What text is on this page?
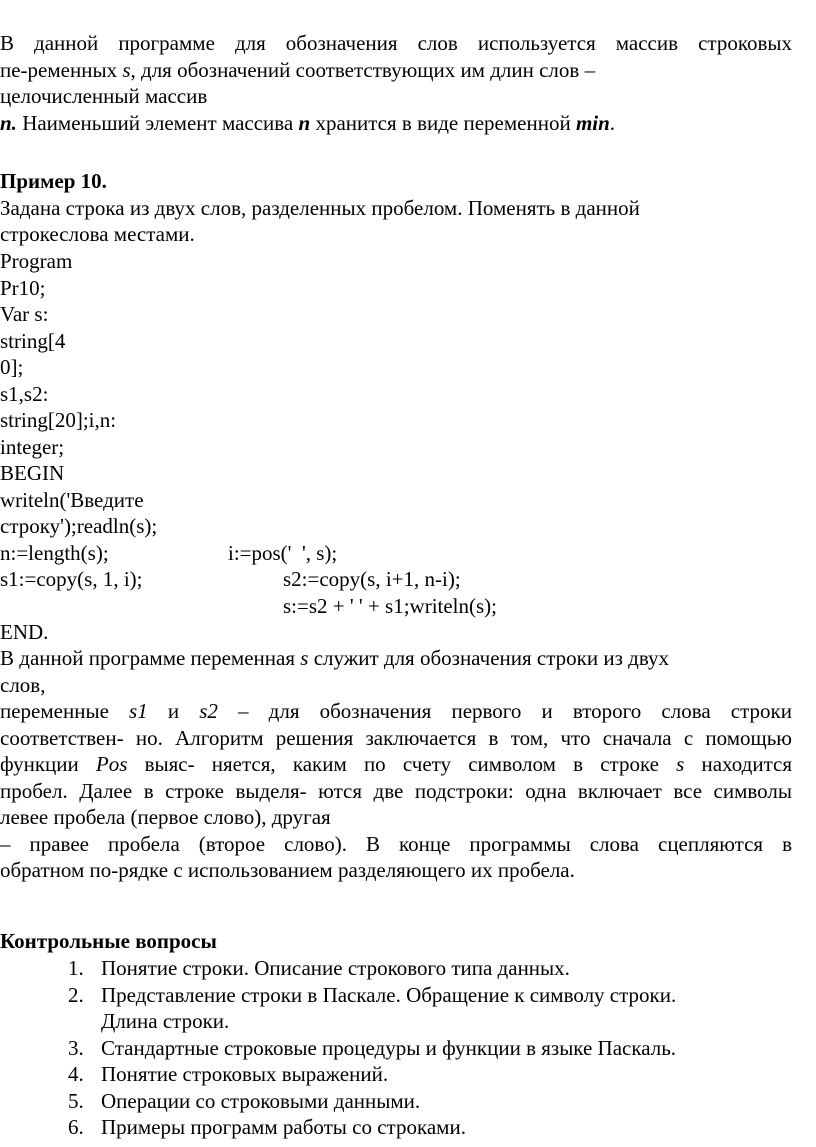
В данной программе для обозначения слов используется массив строковых
пе-ременных s, для обозначений соответствующих им длин слов –
целочисленный массив
n. Наименьший элемент массива n хранится в виде переменной min.
Пример 10.
Задана строка из двух слов, разделенных пробелом. Поменять в данной
строкеслова местами.
Program
Pr10;
Var s:
string[4
0];
s1,s2:
string[20];i,n:
integer;
BEGIN
writeln('Введите
строку');readln(s);
n:=length(s);	i:=pos('  ', s);
s1:=copy(s, 1, i);	s2:=copy(s, i+1, n-i);
s:=s2 + ' ' + s1;writeln(s);
END.
В данной программе переменная s служит для обозначения строки из двух
слов,
переменные s1 и s2 – для обозначения первого и второго слова строки
соответствен- но. Алгоритм решения заключается в том, что сначала с помощью
функции Pos выяс- няется, каким по счету символом в строке s находится
пробел. Далее в строке выделя- ются две подстроки: одна включает все символы
левее пробела (первое слово), другая
– правее пробела (второе слово). В конце программы слова сцепляются в
обратном по-рядке с использованием разделяющего их пробела.
Контрольные вопросы
1. Понятие строки. Описание строкового типа данных.
2. Представление строки в Паскале. Обращение к символу строки.
Длина строки.
3. Стандартные строковые процедуры и функции в языке Паскаль.
4. Понятие строковых выражений.
5. Операции со строковыми данными.
6. Примеры программ работы со строками.
